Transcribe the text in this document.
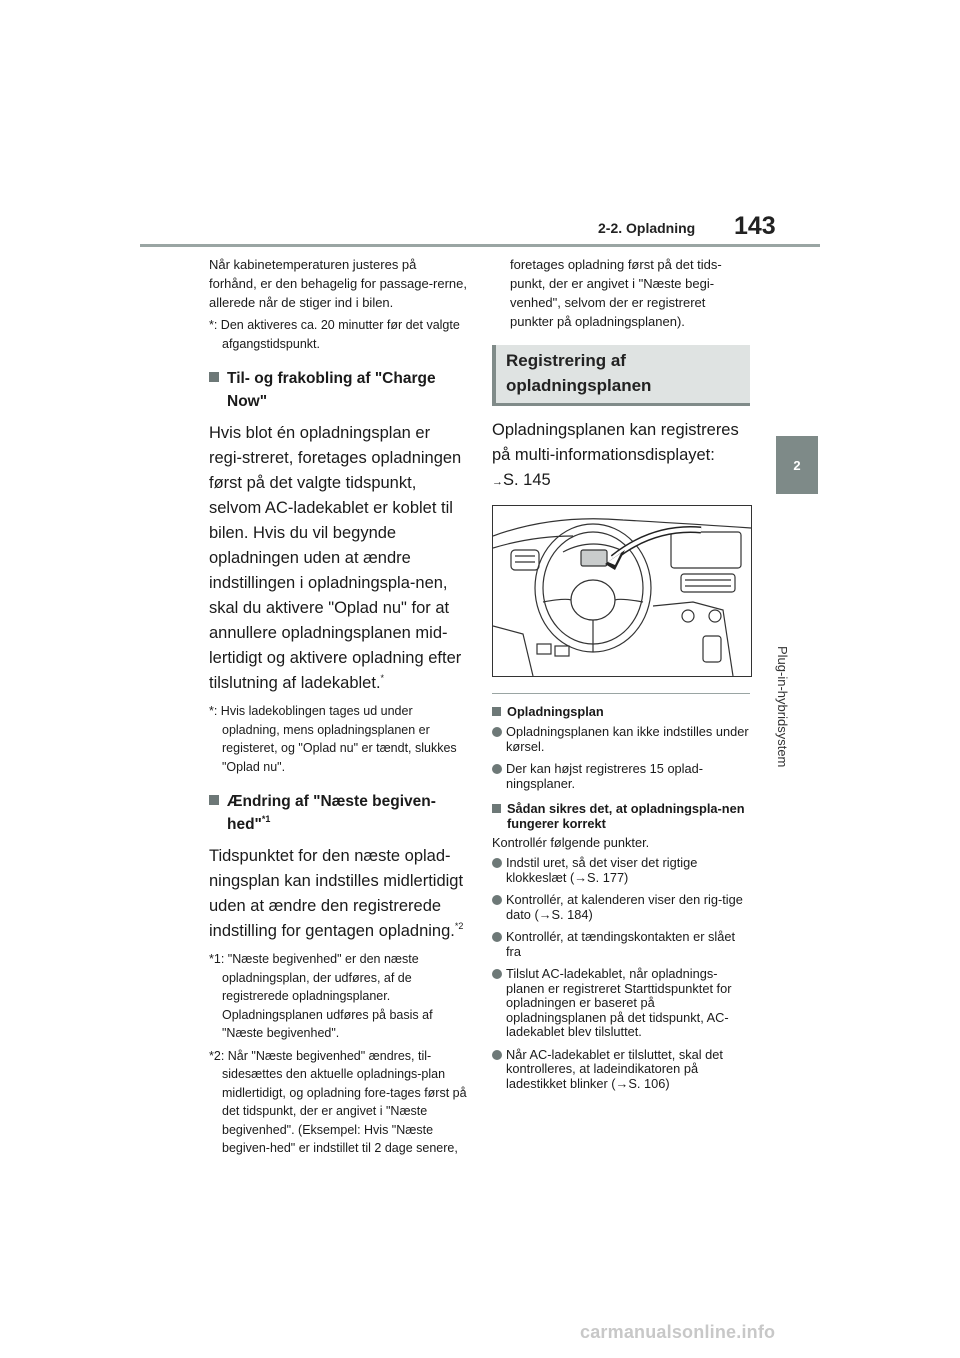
2-2. Opladning 143
2
Plug-in-hybridsystem

Når kabinetemperaturen justeres på forhånd, er den behagelig for passage-rerne, allerede når de stiger ind i bilen.

*: Den aktiveres ca. 20 minutter før det valgte afgangstidspunkt.

Til- og frakobling af "Charge Now"

Hvis blot én opladningsplan er regi-streret, foretages opladningen først på det valgte tidspunkt, selvom AC-ladekablet er koblet til bilen. Hvis du vil begynde opladningen uden at ændre indstillingen i opladningspla-nen, skal du aktivere "Oplad nu" for at annullere opladningsplanen mid-lertidigt og aktivere opladning efter tilslutning af ladekablet.*

*: Hvis ladekoblingen tages ud under opladning, mens opladningsplanen er registeret, og "Oplad nu" er tændt, slukkes "Oplad nu".

Ændring af "Næste begiven-hed"$^{*1}$

Tidspunktet for den næste oplad-ningsplan kan indstilles midlertidigt uden at ændre den registrerede indstilling for gentagen opladning.$^{*2}$

*1: "Næste begivenhed" er den næste opladningsplan, der udføres, af de registrerede opladningsplaner. Opladningsplanen udføres på basis af "Næste begivenhed".

*2: Når "Næste begivenhed" ændres, til-sidesættes den aktuelle opladnings-plan midlertidigt, og opladning fore-tages først på det tidspunkt, der er angivet i "Næste begivenhed". (Eksempel: Hvis "Næste begiven-hed" er indstillet til 2 dage senere,

foretages opladning først på det tids-punkt, der er angivet i "Næste begi-venhed", selvom der er registreret punkter på opladningsplanen).

Registrering af opladningsplanen

Opladningsplanen kan registreres på multi-informationsdisplayet:

→S. 145

Opladningsplan

Opladningsplanen kan ikke indstilles under kørsel.

Der kan højst registreres 15 oplad-ningsplaner.

Sådan sikres det, at opladningspla-nen fungerer korrekt

Kontrollér følgende punkter.

Indstil uret, så det viser det rigtige klokkeslæt (→S. 177)

Kontrollér, at kalenderen viser den rig-tige dato (→S. 184)

Kontrollér, at tændingskontakten er slået fra

Tilslut AC-ladekablet, når opladnings-planen er registreret Starttidspunktet for opladningen er baseret på opladningsplanen på det tidspunkt, AC-ladekablet blev tilsluttet.

Når AC-ladekablet er tilsluttet, skal det kontrolleres, at ladeindikatoren på ladestikket blinker (→S. 106)

carmanualsonline.info
